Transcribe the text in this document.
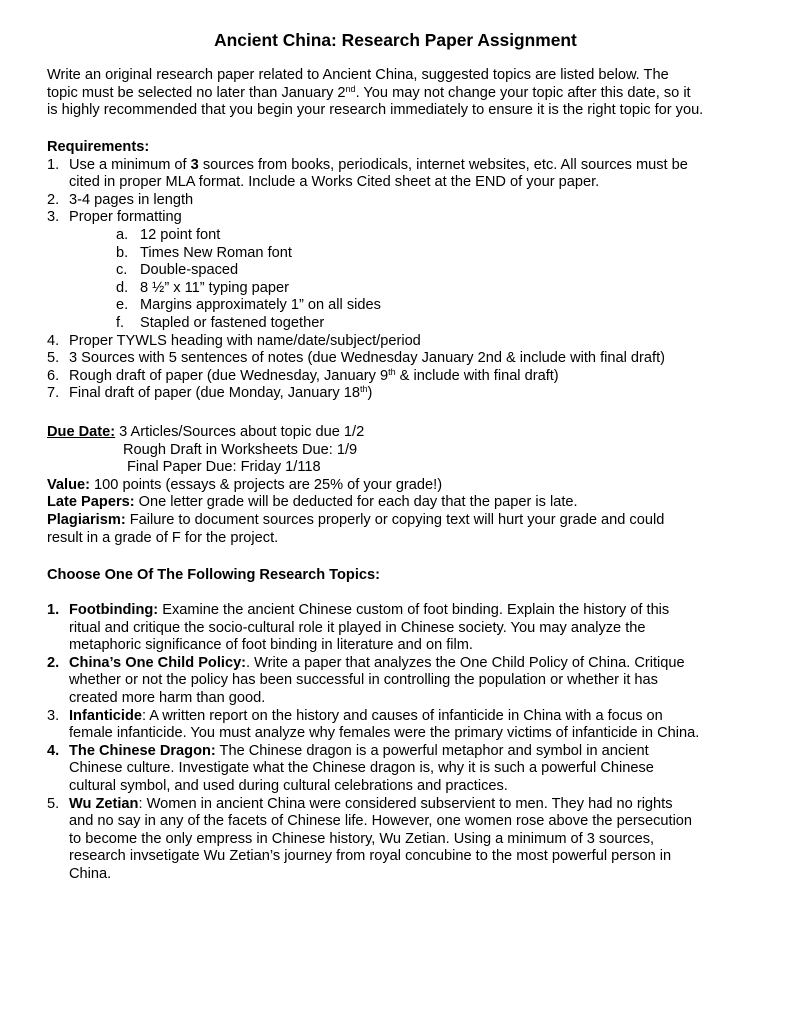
Ancient China: Research Paper Assignment

Write an original research paper related to Ancient China, suggested topics are listed below. The

topic must be selected no later than January 2nd. You may not change your topic after this date, so it

is highly recommended that you begin your research immediately to ensure it is the right topic for you.

Requirements:

1. Use a minimum of 3 sources from books, periodicals, internet websites, etc. All sources must be

cited in proper MLA format. Include a Works Cited sheet at the END of your paper.

2. 3-4 pages in length

3. Proper formatting

a. 12 point font
b. Times New Roman font
c. Double-spaced
d. 8 ½” x 11” typing paper
e. Margins approximately 1” on all sides
f. Stapled or fastened together
4. Proper TYWLS heading with name/date/subject/period

5. 3 Sources with 5 sentences of notes (due Wednesday January 2nd & include with final draft)

6. Rough draft of paper (due Wednesday, January 9th & include with final draft)

7. Final draft of paper (due Monday, January 18th)

Due Date: 3 Articles/Sources about topic due 1/2

Rough Draft in Worksheets Due: 1/9

Final Paper Due: Friday 1/118

Value: 100 points (essays & projects are 25% of your grade!)

Late Papers: One letter grade will be deducted for each day that the paper is late.

Plagiarism: Failure to document sources properly or copying text will hurt your grade and could

result in a grade of F for the project.

Choose One Of The Following Research Topics:

1. Footbinding: Examine the ancient Chinese custom of foot binding. Explain the history of this

ritual and critique the socio-cultural role it played in Chinese society. You may analyze the

metaphoric significance of foot binding in literature and on film.

2. China’s One Child Policy:. Write a paper that analyzes the One Child Policy of China. Critique

whether or not the policy has been successful in controlling the population or whether it has

created more harm than good.

3. Infanticide: A written report on the history and causes of infanticide in China with a focus on

female infanticide. You must analyze why females were the primary victims of infanticide in China.

4. The Chinese Dragon: The Chinese dragon is a powerful metaphor and symbol in ancient

Chinese culture. Investigate what the Chinese dragon is, why it is such a powerful Chinese

cultural symbol, and used during cultural celebrations and practices.

5. Wu Zetian: Women in ancient China were considered subservient to men. They had no rights

and no say in any of the facets of Chinese life. However, one women rose above the persecution

to become the only empress in Chinese history, Wu Zetian. Using a minimum of 3 sources,

research invsetigate Wu Zetian’s journey from royal concubine to the most powerful person in

China.
